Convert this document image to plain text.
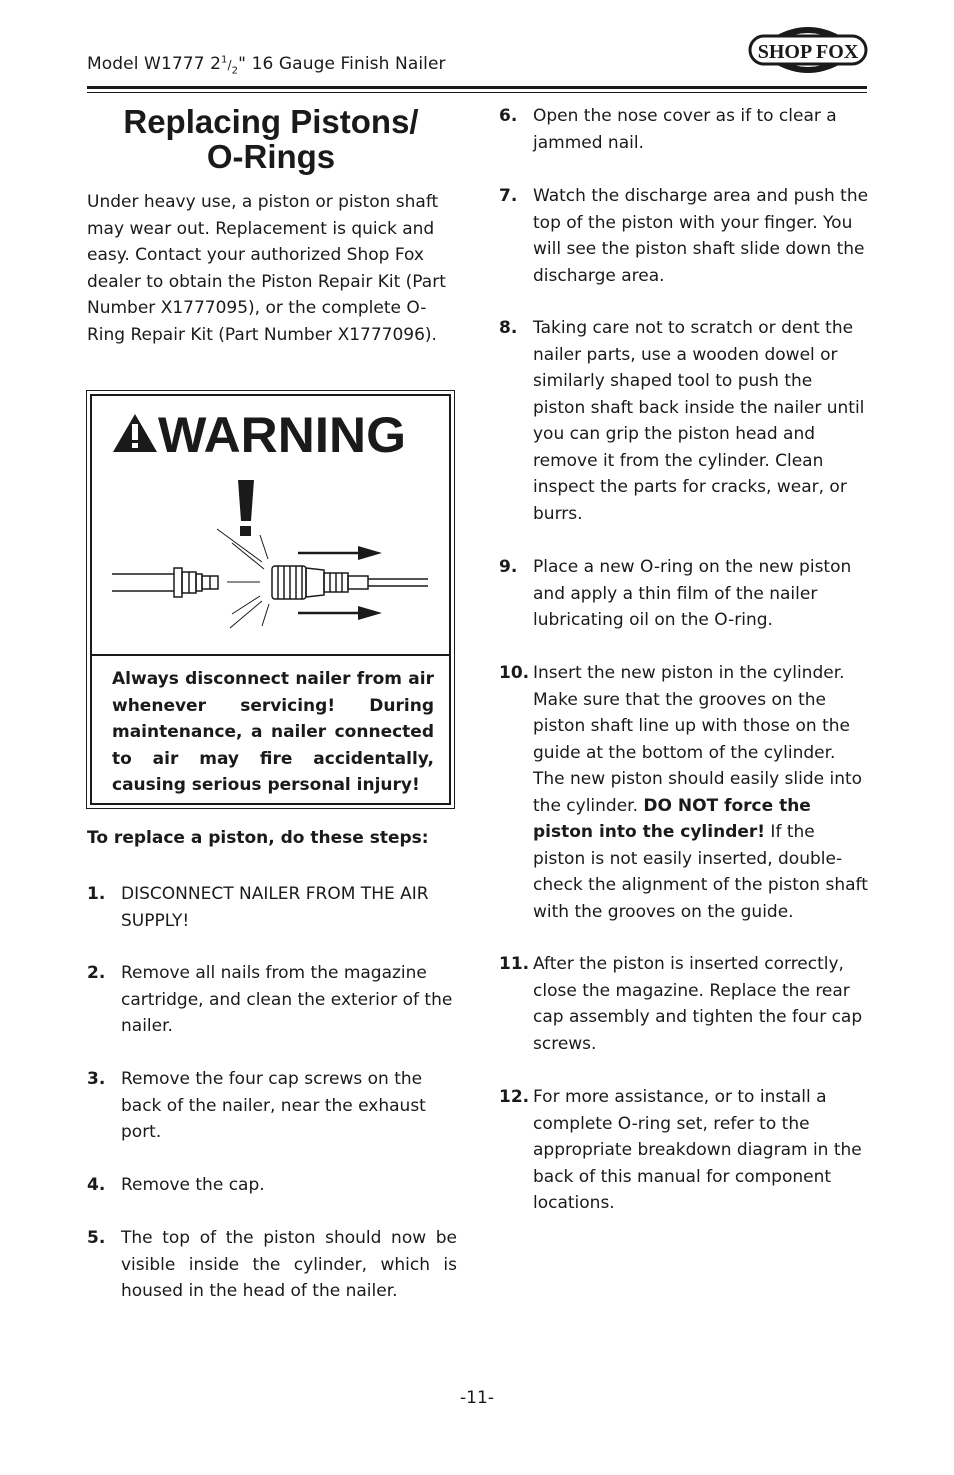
Model W1777 $2^1/_2$" 16 Gauge Finish Nailer
SHOP FOX
Replacing Pistons/
O-Rings
Under heavy use, a piston or piston shaft may wear out. Replacement is quick and easy. Contact your authorized Shop Fox dealer to obtain the Piston Repair Kit (Part Number X1777095), or the complete O-Ring Repair Kit (Part Number X1777096).
WARNING
Always disconnect nailer from air whenever servicing! During maintenance, a nailer connected to air may fire accidentally, causing serious personal injury!
To replace a piston, do these steps:
1. DISCONNECT NAILER FROM THE AIR SUPPLY!
2. Remove all nails from the magazine cartridge, and clean the exterior of the nailer.
3. Remove the four cap screws on the back of the nailer, near the exhaust port.
4. Remove the cap.
5. The top of the piston should now be visible inside the cylinder, which is housed in the head of the nailer.
6. Open the nose cover as if to clear a jammed nail.
7. Watch the discharge area and push the top of the piston with your finger. You will see the piston shaft slide down the discharge area.
8. Taking care not to scratch or dent the nailer parts, use a wooden dowel or similarly shaped tool to push the piston shaft back inside the nailer until you can grip the piston head and remove it from the cylinder. Clean inspect the parts for cracks, wear, or burrs.
9. Place a new O-ring on the new piston and apply a thin film of the nailer lubricating oil on the O-ring.
10. Insert the new piston in the cylinder. Make sure that the grooves on the piston shaft line up with those on the guide at the bottom of the cylinder. The new piston should easily slide into the cylinder. DO NOT force the piston into the cylinder! If the piston is not easily inserted, double-check the alignment of the piston shaft with the grooves on the guide.
11. After the piston is inserted correctly, close the magazine. Replace the rear cap assembly and tighten the four cap screws.
12. For more assistance, or to install a complete O-ring set, refer to the appropriate breakdown diagram in the back of this manual for component locations.
-11-
